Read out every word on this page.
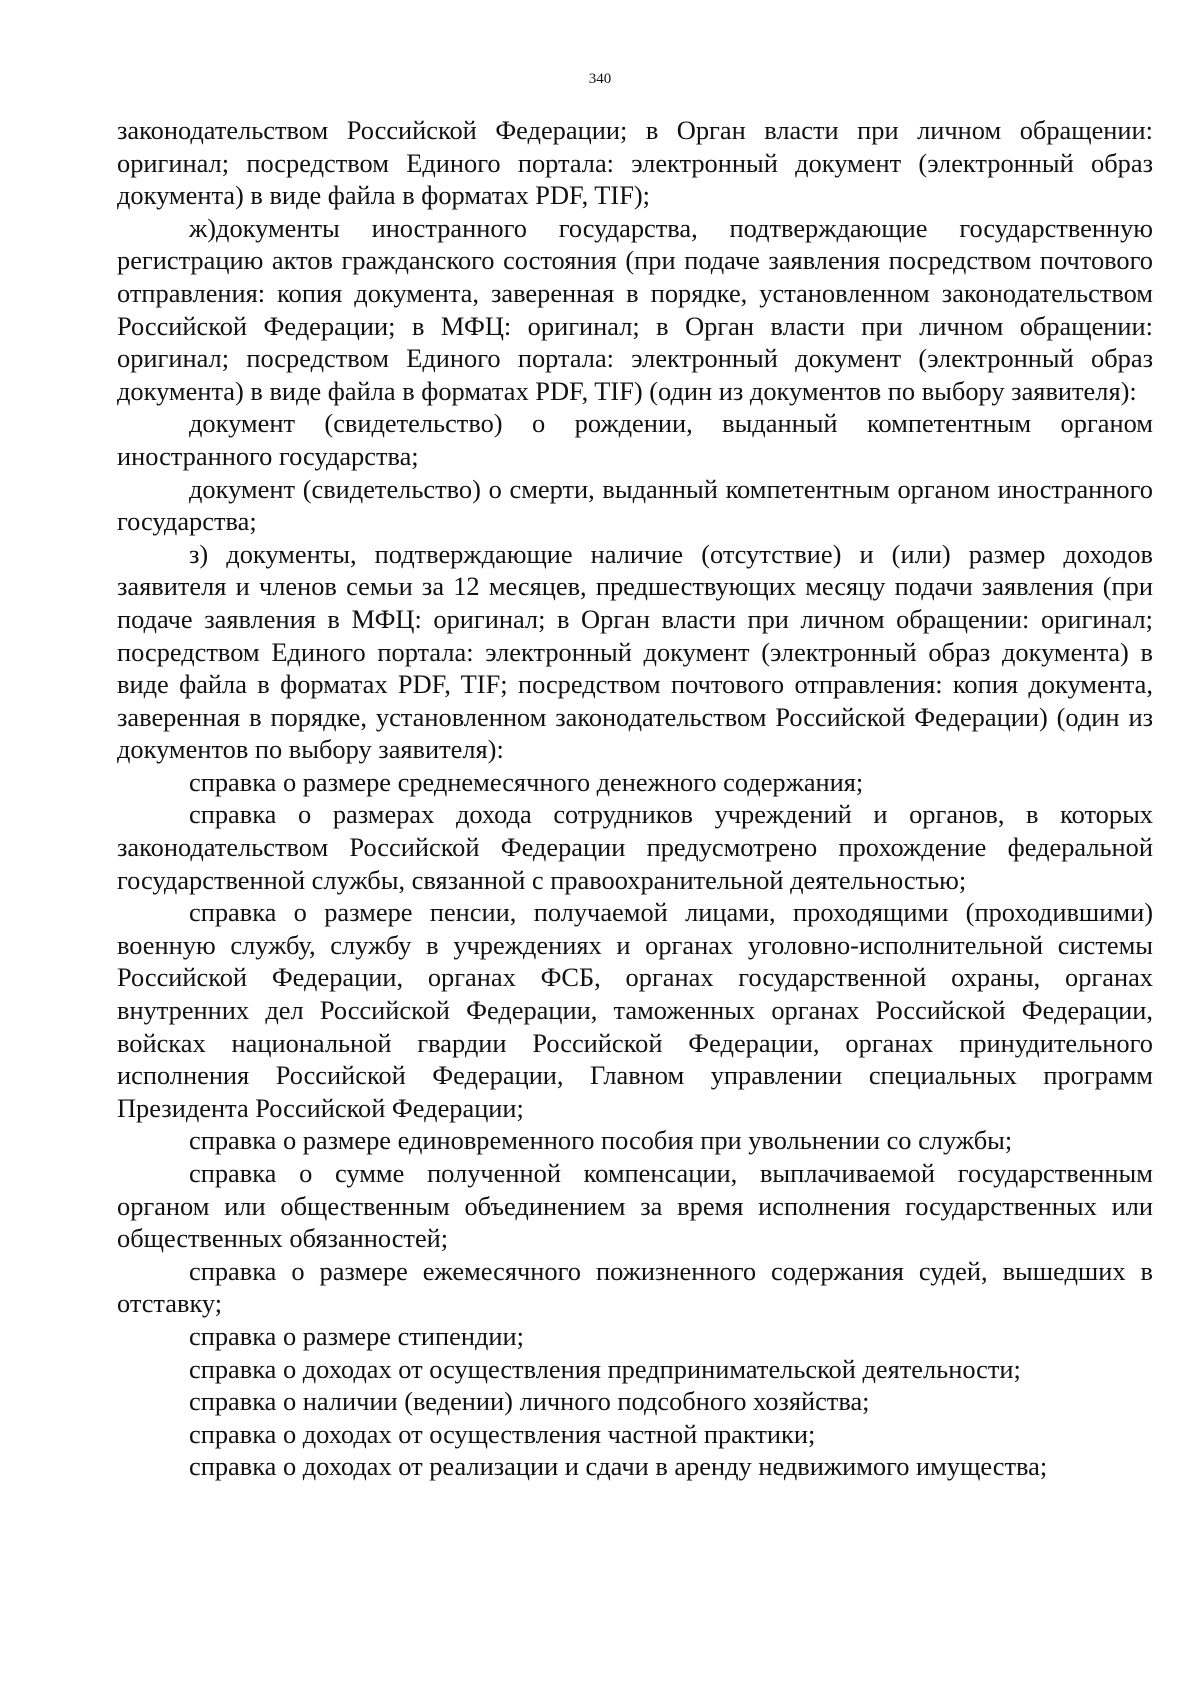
340

законодательством Российской Федерации; в Орган власти при личном обращении: оригинал; посредством Единого портала: электронный документ (электронный образ документа) в виде файла в форматах PDF, TIF);

ж)документы иностранного государства, подтверждающие государственную регистрацию актов гражданского состояния (при подаче заявления посредством почтового отправления: копия документа, заверенная в порядке, установленном законодательством Российской Федерации; в МФЦ: оригинал; в Орган власти при личном обращении: оригинал; посредством Единого портала: электронный документ (электронный образ документа) в виде файла в форматах PDF, TIF) (один из документов по выбору заявителя):

документ (свидетельство) о рождении, выданный компетентным органом иностранного государства;

документ (свидетельство) о смерти, выданный компетентным органом иностранного государства;

з) документы, подтверждающие наличие (отсутствие) и (или) размер доходов заявителя и членов семьи за 12 месяцев, предшествующих месяцу подачи заявления (при подаче заявления в МФЦ: оригинал; в Орган власти при личном обращении: оригинал; посредством Единого портала: электронный документ (электронный образ документа) в виде файла в форматах PDF, TIF; посредством почтового отправления: копия документа, заверенная в порядке, установленном законодательством Российской Федерации) (один из документов по выбору заявителя):

справка о размере среднемесячного денежного содержания;

справка о размерах дохода сотрудников учреждений и органов, в которых законодательством Российской Федерации предусмотрено прохождение федеральной государственной службы, связанной с правоохранительной деятельностью;

справка о размере пенсии, получаемой лицами, проходящими (проходившими) военную службу, службу в учреждениях и органах уголовно-исполнительной системы Российской Федерации, органах ФСБ, органах государственной охраны, органах внутренних дел Российской Федерации, таможенных органах Российской Федерации, войсках национальной гвардии Российской Федерации, органах принудительного исполнения Российской Федерации, Главном управлении специальных программ Президента Российской Федерации;

справка о размере единовременного пособия при увольнении со службы;

справка о сумме полученной компенсации, выплачиваемой государственным органом или общественным объединением за время исполнения государственных или общественных обязанностей;

справка о размере ежемесячного пожизненного содержания судей, вышедших в отставку;

справка о размере стипендии;

справка о доходах от осуществления предпринимательской деятельности;

справка о наличии (ведении) личного подсобного хозяйства;

справка о доходах от осуществления частной практики;

справка о доходах от реализации и сдачи в аренду недвижимого имущества;
